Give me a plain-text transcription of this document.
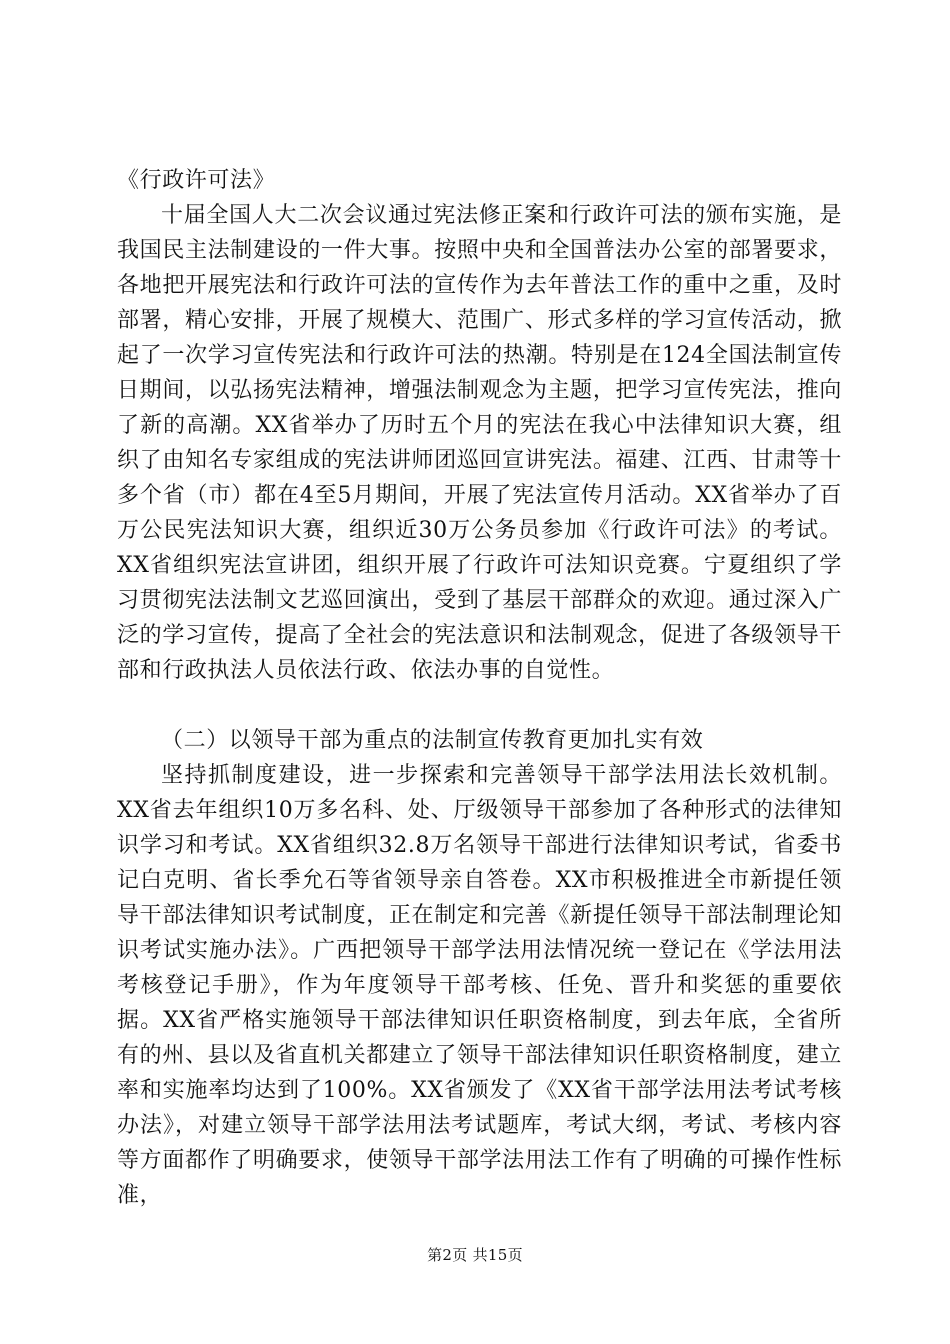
《行政许可法》

十届全国人大二次会议通过宪法修正案和行政许可法的颁布实施，是我国民主法制建设的一件大事。按照中央和全国普法办公室的部署要求，各地把开展宪法和行政许可法的宣传作为去年普法工作的重中之重，及时部署，精心安排，开展了规模大、范围广、形式多样的学习宣传活动，掀起了一次学习宣传宪法和行政许可法的热潮。特别是在124全国法制宣传日期间，以弘扬宪法精神，增强法制观念为主题，把学习宣传宪法，推向了新的高潮。XX省举办了历时五个月的宪法在我心中法律知识大赛，组织了由知名专家组成的宪法讲师团巡回宣讲宪法。福建、江西、甘肃等十多个省（市）都在4至5月期间，开展了宪法宣传月活动。XX省举办了百万公民宪法知识大赛，组织近30万公务员参加《行政许可法》的考试。XX省组织宪法宣讲团，组织开展了行政许可法知识竞赛。宁夏组织了学习贯彻宪法法制文艺巡回演出，受到了基层干部群众的欢迎。通过深入广泛的学习宣传，提高了全社会的宪法意识和法制观念，促进了各级领导干部和行政执法人员依法行政、依法办事的自觉性。

（二）以领导干部为重点的法制宣传教育更加扎实有效

坚持抓制度建设，进一步探索和完善领导干部学法用法长效机制。XX省去年组织10万多名科、处、厅级领导干部参加了各种形式的法律知识学习和考试。XX省组织32.8万名领导干部进行法律知识考试，省委书记白克明、省长季允石等省领导亲自答卷。XX市积极推进全市新提任领导干部法律知识考试制度，正在制定和完善《新提任领导干部法制理论知识考试实施办法》。广西把领导干部学法用法情况统一登记在《学法用法考核登记手册》，作为年度领导干部考核、任免、晋升和奖惩的重要依据。XX省严格实施领导干部法律知识任职资格制度，到去年底，全省所有的州、县以及省直机关都建立了领导干部法律知识任职资格制度，建立率和实施率均达到了100%。XX省颁发了《XX省干部学法用法考试考核办法》，对建立领导干部学法用法考试题库，考试大纲，考试、考核内容等方面都作了明确要求，使领导干部学法用法工作有了明确的可操作性标准，

第2页 共15页
